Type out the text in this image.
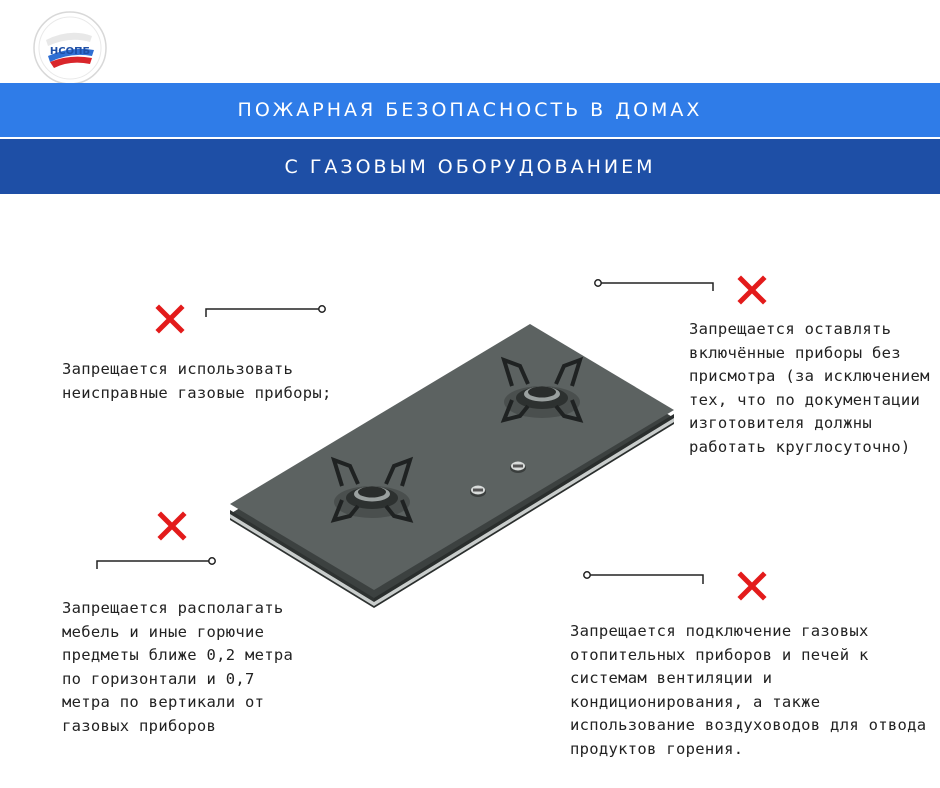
НСОПБ
ПОЖАРНАЯ БЕЗОПАСНОСТЬ В ДОМАХ
С ГАЗОВЫМ ОБОРУДОВАНИЕМ
Запрещается использовать неисправные газовые приборы;
Запрещается оставлять включённые приборы без присмотра (за исключением тех, что по документации изготовителя должны работать круглосуточно)
Запрещается располагать мебель и иные горючие предметы ближе 0,2 метра по горизонтали и 0,7 метра по вертикали от газовых приборов
Запрещается подключение газовых отопительных приборов и печей к системам вентиляции и кондиционирования, а также использование воздуховодов для отвода продуктов горения.
